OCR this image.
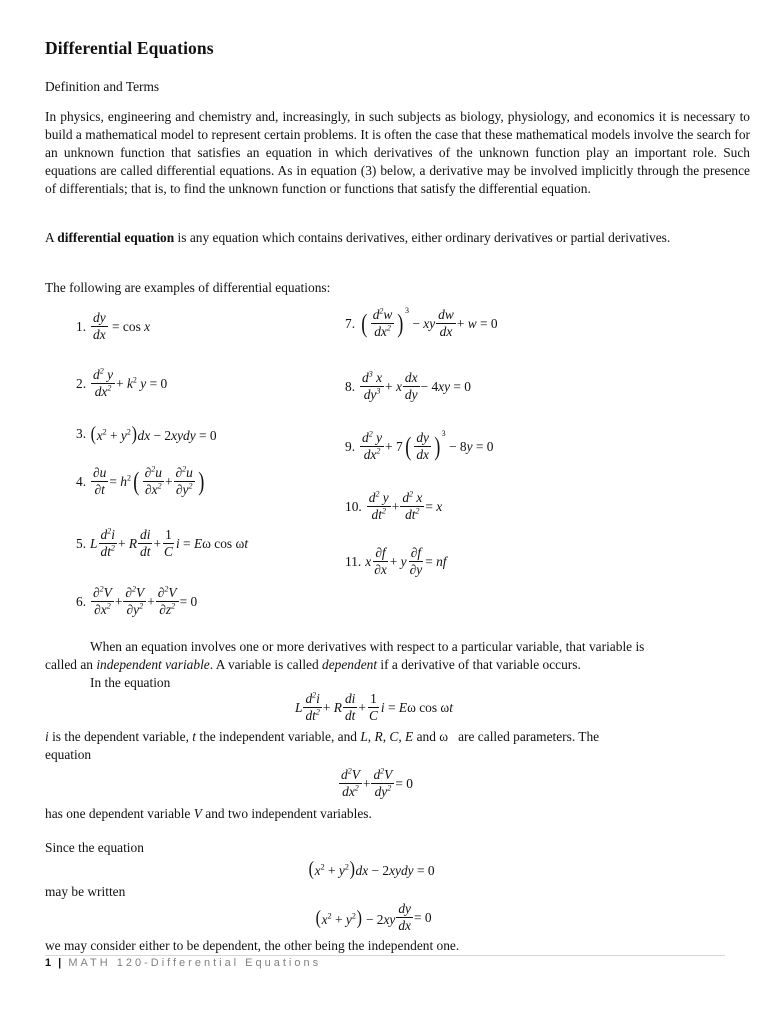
Differential Equations

Definition and Terms

In physics, engineering and chemistry and, increasingly, in such subjects as biology, physiology, and economics it is necessary to build a mathematical model to represent certain problems. It is often the case that these mathematical models involve the search for an unknown function that satisfies an equation in which derivatives of the unknown function play an important role. Such equations are called differential equations. As in equation (3) below, a derivative may be involved implicitly through the presence of differentials; that is, to find the unknown function or functions that satisfy the differential equation.

A differential equation is any equation which contains derivatives, either ordinary derivatives or partial derivatives.

The following are examples of differential equations:

1. $\frac{dy}{dx} = \cos x$
2. $\frac{d^2 y}{dx^2} + k^2$ y = 0
3. $(x^2 + y^2)dx$ − 2xydy = 0
4. $\frac{\partial u}{\partial t} = h^2$ ( $\frac{\partial^2u}{\partial x^2} + \frac{\partial^2u}{\partial y^2}$ )
5. L $\frac{d^2i}{dt^2} + R \frac{di}{dt} + \frac{1}{C}$ i = Eω cos ωt
6. $\frac{\partial^2V}{\partial x^2} + \frac{\partial^2V}{\partial y^2} + \frac{\partial^2V}{\partial z^2} = 0$
7. ( $\frac{d^2w}{dx^2}$ ) 3
− xy $\frac{dw}{dx} + w = 0$
8. $\frac{d^3 x}{dy^3} + x \frac{dx}{dy} - 4xy = 0$
9. $\frac{d^2 y}{dx^2} + 7$ ( $\frac{dy}{dx}$ ) 3
− 8y = 0
10. $\frac{d^2 y}{dt^2} + \frac{d^2 x}{dt^2} = x$
11. x $\frac{\partial f}{\partial x} + y \frac{\partial f}{\partial y}$ = nf

When an equation involves one or more derivatives with respect to a particular variable, that variable is
called an independent variable. A variable is called dependent if a derivative of that variable occurs.
In the equation

L $\frac{d^2i}{dt^2} + R \frac{di}{dt} + \frac{1}{C}$ i = Eω cos ωt

i is the dependent variable, t the independent variable, and L, R, C, E and ω   are called parameters. The
equation

$\frac{d^2V}{dx^2} + \frac{d^2V}{dy^2} = 0$

has one dependent variable V and two independent variables.

Since the equation

$(x^2 + y^2)dx$ − 2xydy = 0

may be written

$(x^2 + y^2) - 2xy \frac{dy}{dx} = 0$

we may consider either to be dependent, the other being the independent one.

1 | MATH 120-Differential Equations
